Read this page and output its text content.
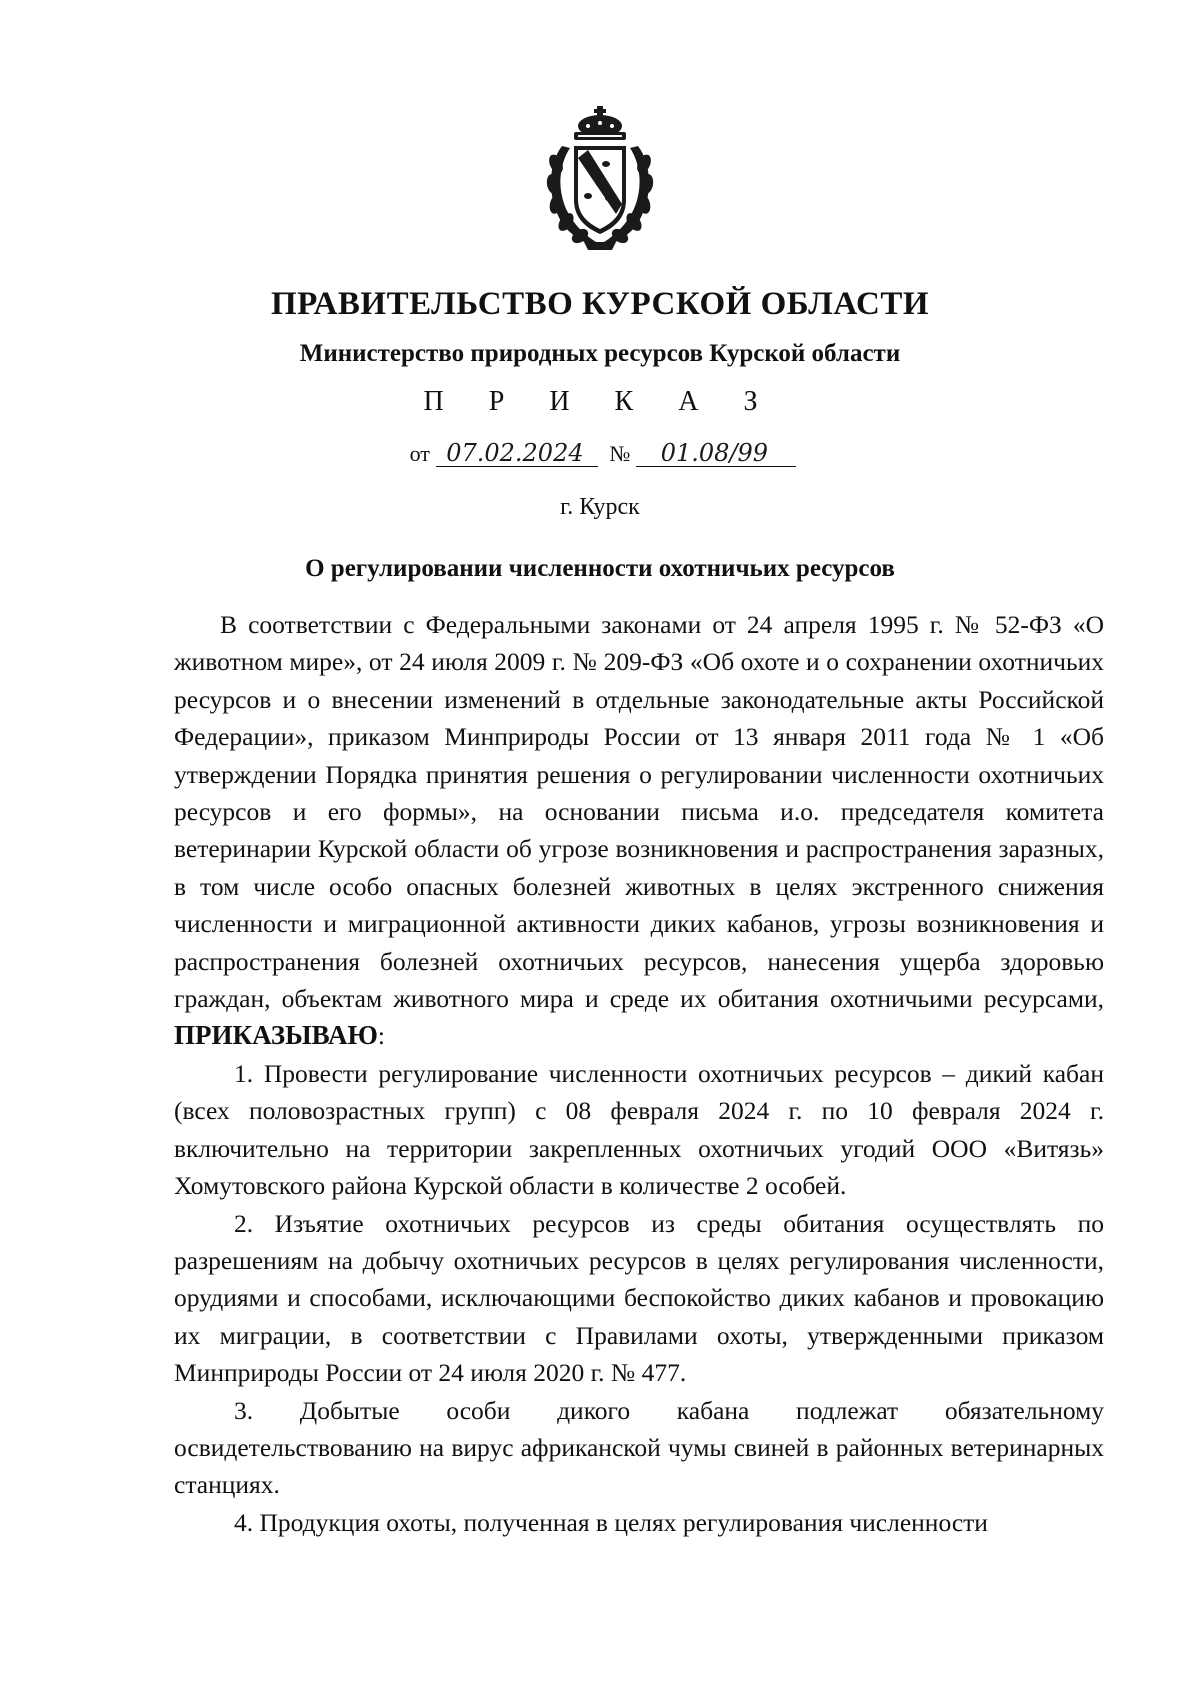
ПРАВИТЕЛЬСТВО КУРСКОЙ ОБЛАСТИ
Министерство природных ресурсов Курской области
П Р И К А З
от 07.02.2024 № 01.08/99
г. Курск
О регулировании численности охотничьих ресурсов

В соответствии с Федеральными законами от 24 апреля 1995 г. № 52-ФЗ «О животном мире», от 24 июля 2009 г. № 209-ФЗ «Об охоте и о сохранении охотничьих ресурсов и о внесении изменений в отдельные законодательные акты Российской Федерации», приказом Минприроды России от 13 января 2011 года № 1 «Об утверждении Порядка принятия решения о регулировании численности охотничьих ресурсов и его формы», на основании письма и.о. председателя комитета ветеринарии Курской области об угрозе возникновения и распространения заразных, в том числе особо опасных болезней животных в целях экстренного снижения численности и миграционной активности диких кабанов, угрозы возникновения и распространения болезней охотничьих ресурсов, нанесения ущерба здоровью граждан, объектам животного мира и среде их обитания охотничьими ресурсами, ПРИКАЗЫВАЮ:

1. Провести регулирование численности охотничьих ресурсов – дикий кабан (всех половозрастных групп) с 08 февраля 2024 г. по 10 февраля 2024 г. включительно на территории закрепленных охотничьих угодий ООО «Витязь» Хомутовского района Курской области в количестве 2 особей.

2. Изъятие охотничьих ресурсов из среды обитания осуществлять по разрешениям на добычу охотничьих ресурсов в целях регулирования численности, орудиями и способами, исключающими беспокойство диких кабанов и провокацию их миграции, в соответствии с Правилами охоты, утвержденными приказом Минприроды России от 24 июля 2020 г. № 477.

3. Добытые особи дикого кабана подлежат обязательному освидетельствованию на вирус африканской чумы свиней в районных ветеринарных станциях.

4. Продукция охоты, полученная в целях регулирования численности
